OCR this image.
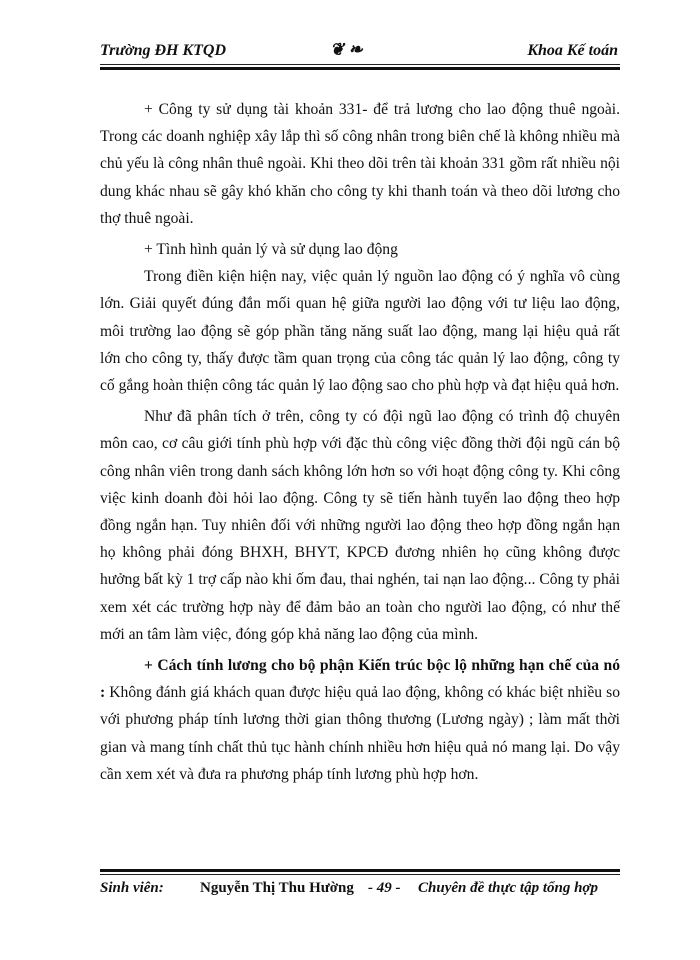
Trường ĐH KTQD	❦ ❧	Khoa Kế toán

+ Công ty sử dụng tài khoản 331- để trả lương cho lao động thuê ngoài. Trong các doanh nghiệp xây lắp thì số công nhân trong biên chế là không nhiều mà chủ yếu là công nhân thuê ngoài. Khi theo dõi trên tài khoản 331 gồm rất nhiều nội dung khác nhau sẽ gây khó khăn cho công ty khi thanh toán và theo dõi lương cho thợ thuê ngoài.

+ Tình hình quản lý và sử dụng lao động

Trong điền kiện hiện nay, việc quản lý nguồn lao động có ý nghĩa vô cùng lớn. Giải quyết đúng đắn mối quan hệ giữa người lao động với tư liệu lao động, môi trường lao động sẽ góp phần tăng năng suất lao động, mang lại hiệu quả rất lớn cho công ty, thấy được tầm quan trọng của công tác quản lý lao động, công ty cố gắng hoàn thiện công tác quản lý lao động sao cho phù hợp và đạt hiệu quả hơn.

Như đã phân tích ở trên, công ty có đội ngũ lao động có trình độ chuyên môn cao, cơ câu giới tính phù hợp với đặc thù công việc đồng thời đội ngũ cán bộ công nhân viên trong danh sách không lớn hơn so với hoạt động công ty. Khi công việc kinh doanh đòi hỏi lao động. Công ty sẽ tiến hành tuyển lao động theo hợp đồng ngắn hạn. Tuy nhiên đối với những người lao động theo hợp đồng ngắn hạn họ không phải đóng BHXH, BHYT, KPCĐ đương nhiên họ cũng không được hưởng bất kỳ 1 trợ cấp nào khi ốm đau, thai nghén, tai nạn lao động... Công ty phải xem xét các trường hợp này để đảm bảo an toàn cho người lao động, có như thế mới an tâm làm việc, đóng góp khả năng lao động của mình.

+ Cách tính lương cho bộ phận Kiến trúc bộc lộ những hạn chế của nó : Không đánh giá khách quan được hiệu quả lao động, không có khác biệt nhiều so với phương pháp tính lương thời gian thông thương (Lương ngày) ; làm mất thời gian và mang tính chất thủ tục hành chính nhiều hơn hiệu quả nó mang lại. Do vậy cần xem xét và đưa ra phương pháp tính lương phù hợp hơn.

Sinh viên: Nguyễn Thị Thu Hường - 49 - Chuyên đề thực tập tổng hợp
